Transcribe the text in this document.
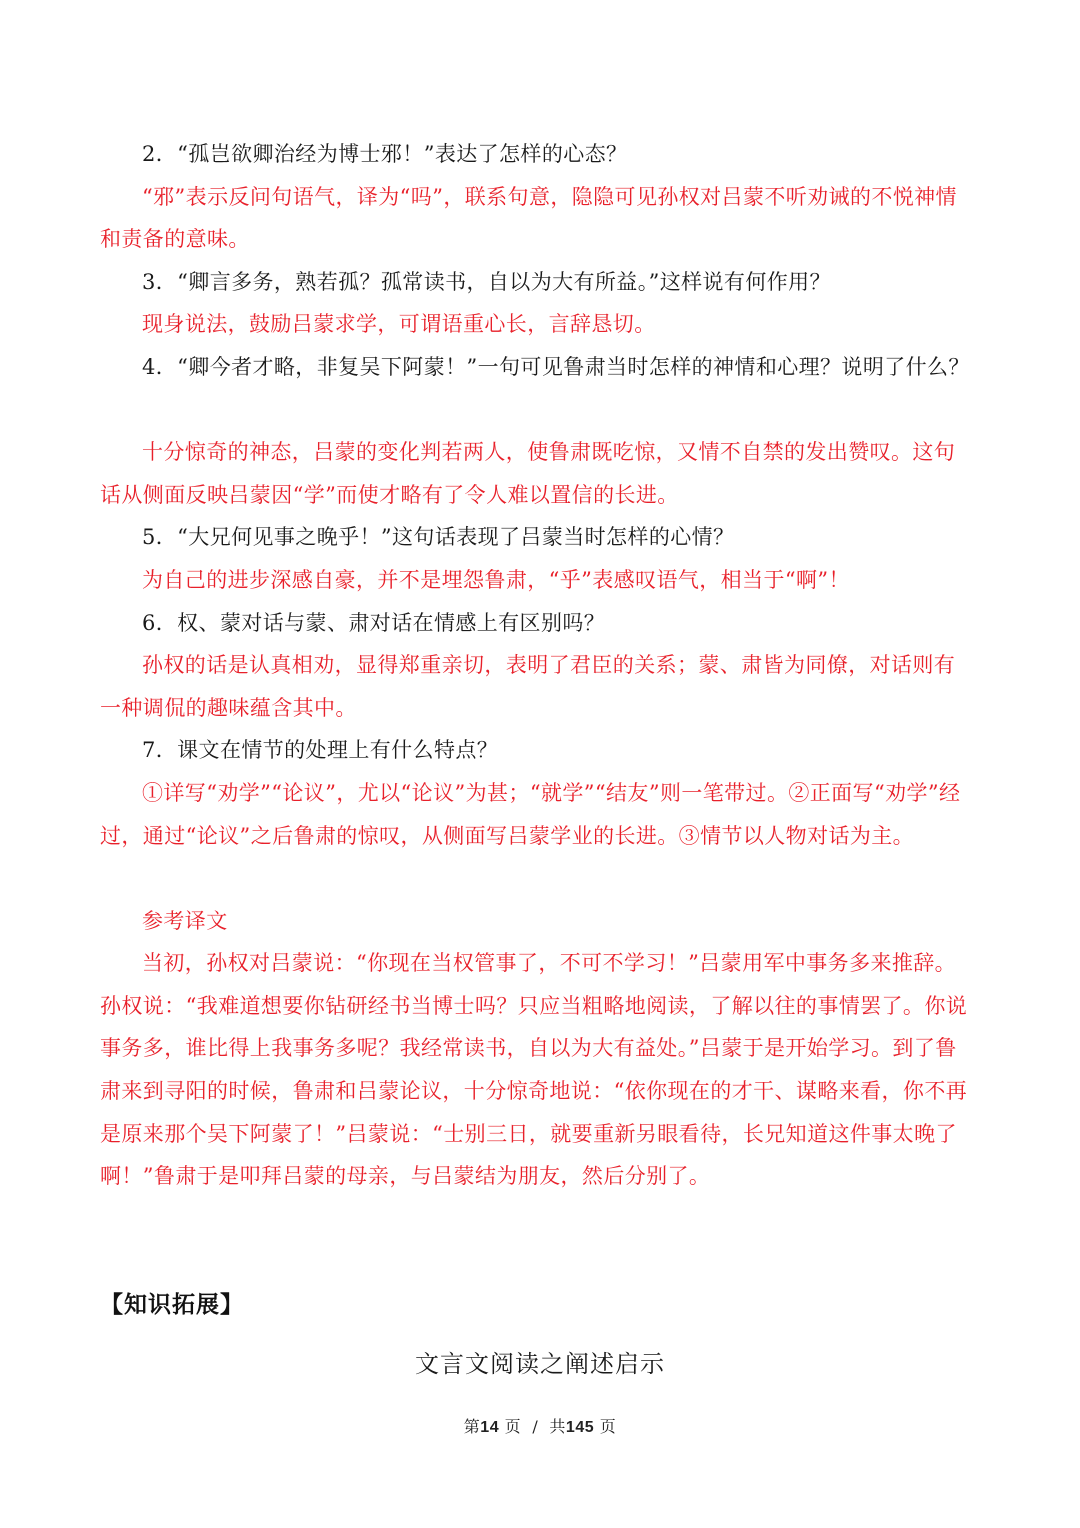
2．“孤岂欲卿治经为博士邪！”表达了怎样的心态？

“邪”表示反问句语气，译为“吗”，联系句意，隐隐可见孙权对吕蒙不听劝诫的不悦神情和责备的意味。

3．“卿言多务，熟若孤？孤常读书，自以为大有所益。”这样说有何作用？

现身说法，鼓励吕蒙求学，可谓语重心长，言辞恳切。

4．“卿今者才略，非复吴下阿蒙！”一句可见鲁肃当时怎样的神情和心理？说明了什么？

十分惊奇的神态，吕蒙的变化判若两人，使鲁肃既吃惊，又情不自禁的发出赞叹。这句话从侧面反映吕蒙因“学”而使才略有了令人难以置信的长进。

5．“大兄何见事之晚乎！”这句话表现了吕蒙当时怎样的心情？

为自己的进步深感自豪，并不是埋怨鲁肃，“乎”表感叹语气，相当于“啊”！

6．权、蒙对话与蒙、肃对话在情感上有区别吗？

孙权的话是认真相劝，显得郑重亲切，表明了君臣的关系；蒙、肃皆为同僚，对话则有一种调侃的趣味蕴含其中。

7．课文在情节的处理上有什么特点？

①详写“劝学”“论议”，尤以“论议”为甚；“就学”“结友”则一笔带过。②正面写“劝学”经过，通过“论议”之后鲁肃的惊叹，从侧面写吕蒙学业的长进。③情节以人物对话为主。

参考译文

当初，孙权对吕蒙说：“你现在当权管事了，不可不学习！”吕蒙用军中事务多来推辞。孙权说：“我难道想要你钻研经书当博士吗？只应当粗略地阅读，了解以往的事情罢了。你说事务多，谁比得上我事务多呢？我经常读书，自以为大有益处。”吕蒙于是开始学习。到了鲁肃来到寻阳的时候，鲁肃和吕蒙论议，十分惊奇地说：“依你现在的才干、谋略来看，你不再是原来那个吴下阿蒙了！”吕蒙说：“士别三日，就要重新另眼看待，长兄知道这件事太晚了啊！”鲁肃于是叩拜吕蒙的母亲，与吕蒙结为朋友，然后分别了。

【知识拓展】
文言文阅读之阐述启示
第14 页  /  共145 页
